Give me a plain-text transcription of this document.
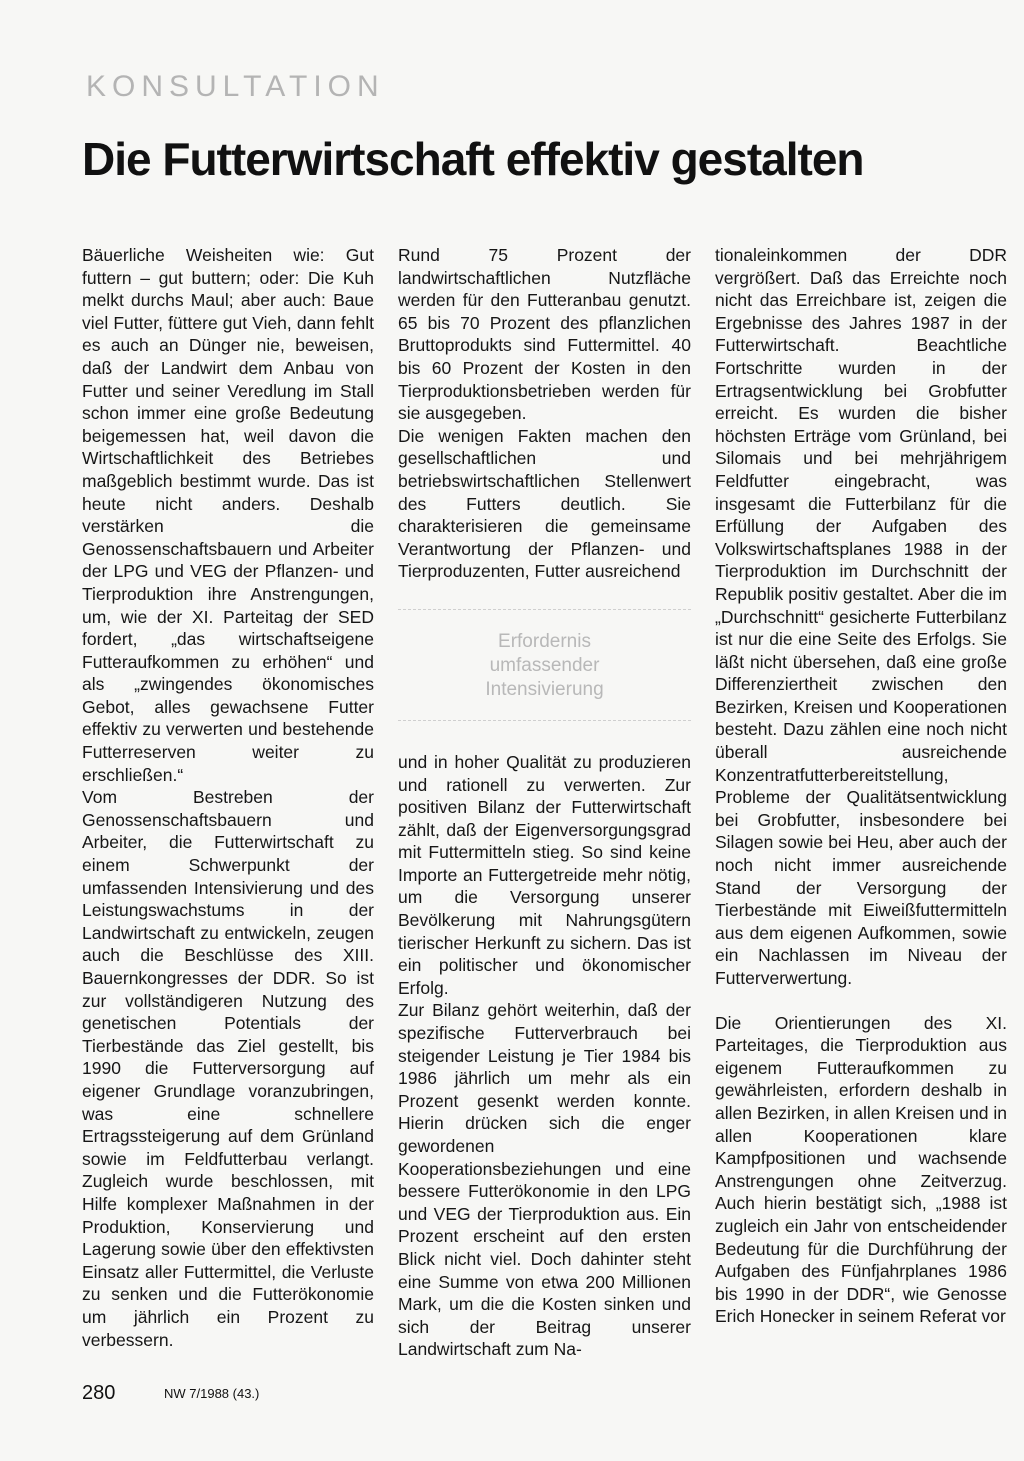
KONSULTATION
Die Futterwirtschaft effektiv gestalten

Bäuerliche Weisheiten wie: Gut futtern – gut buttern; oder: Die Kuh melkt durchs Maul; aber auch: Baue viel Futter, füttere gut Vieh, dann fehlt es auch an Dünger nie, beweisen, daß der Landwirt dem Anbau von Futter und seiner Veredlung im Stall schon immer eine große Bedeutung beigemessen hat, weil davon die Wirtschaftlichkeit des Betriebes maßgeblich bestimmt wurde. Das ist heute nicht anders. Deshalb verstärken die Genossenschaftsbauern und Arbeiter der LPG und VEG der Pflanzen- und Tierproduktion ihre Anstrengungen, um, wie der XI. Parteitag der SED fordert, „das wirtschaftseigene Futteraufkommen zu erhöhen“ und als „zwingendes ökonomisches Gebot, alles gewachsene Futter effektiv zu verwerten und bestehende Futterreserven weiter zu erschließen.“

Vom Bestreben der Genossenschaftsbauern und Arbeiter, die Futterwirtschaft zu einem Schwerpunkt der umfassenden Intensivierung und des Leistungswachstums in der Landwirtschaft zu entwickeln, zeugen auch die Beschlüsse des XIII. Bauernkongresses der DDR. So ist zur vollständigeren Nutzung des genetischen Potentials der Tierbestände das Ziel gestellt, bis 1990 die Futterversorgung auf eigener Grundlage voranzubringen, was eine schnellere Ertragssteigerung auf dem Grünland sowie im Feldfutterbau verlangt. Zugleich wurde beschlossen, mit Hilfe komplexer Maßnahmen in der Produktion, Konservierung und Lagerung sowie über den effektivsten Einsatz aller Futtermittel, die Verluste zu senken und die Futterökonomie um jährlich ein Prozent zu verbessern.

Rund 75 Prozent der landwirtschaftlichen Nutzfläche werden für den Futteranbau genutzt. 65 bis 70 Prozent des pflanzlichen Bruttoprodukts sind Futtermittel. 40 bis 60 Prozent der Kosten in den Tierproduktionsbetrieben werden für sie ausgegeben.

Die wenigen Fakten machen den gesellschaftlichen und betriebswirtschaftlichen Stellenwert des Futters deutlich. Sie charakterisieren die gemeinsame Verantwortung der Pflanzen- und Tierproduzenten, Futter ausreichend

Erfordernis
umfassender
Intensivierung

und in hoher Qualität zu produzieren und rationell zu verwerten. Zur positiven Bilanz der Futterwirtschaft zählt, daß der Eigenversorgungsgrad mit Futtermitteln stieg. So sind keine Importe an Futtergetreide mehr nötig, um die Versorgung unserer Bevölkerung mit Nahrungsgütern tierischer Herkunft zu sichern. Das ist ein politischer und ökonomischer Erfolg.

Zur Bilanz gehört weiterhin, daß der spezifische Futterverbrauch bei steigender Leistung je Tier 1984 bis 1986 jährlich um mehr als ein Prozent gesenkt werden konnte. Hierin drücken sich die enger gewordenen Kooperationsbeziehungen und eine bessere Futterökonomie in den LPG und VEG der Tierproduktion aus. Ein Prozent erscheint auf den ersten Blick nicht viel. Doch dahinter steht eine Summe von etwa 200 Millionen Mark, um die die Kosten sinken und sich der Beitrag unserer Landwirtschaft zum Na-

tionaleinkommen der DDR vergrößert. Daß das Erreichte noch nicht das Erreichbare ist, zeigen die Ergebnisse des Jahres 1987 in der Futterwirtschaft. Beachtliche Fortschritte wurden in der Ertragsentwicklung bei Grobfutter erreicht. Es wurden die bisher höchsten Erträge vom Grünland, bei Silomais und bei mehrjährigem Feldfutter eingebracht, was insgesamt die Futterbilanz für die Erfüllung der Aufgaben des Volkswirtschaftsplanes 1988 in der Tierproduktion im Durchschnitt der Republik positiv gestaltet. Aber die im „Durchschnitt“ gesicherte Futterbilanz ist nur die eine Seite des Erfolgs. Sie läßt nicht übersehen, daß eine große Differenziertheit zwischen den Bezirken, Kreisen und Kooperationen besteht. Dazu zählen eine noch nicht überall ausreichende Konzentratfutterbereitstellung, Probleme der Qualitätsentwicklung bei Grobfutter, insbesondere bei Silagen sowie bei Heu, aber auch der noch nicht immer ausreichende Stand der Versorgung der Tierbestände mit Eiweißfuttermitteln aus dem eigenen Aufkommen, sowie ein Nachlassen im Niveau der Futterverwertung.

Die Orientierungen des XI. Parteitages, die Tierproduktion aus eigenem Futteraufkommen zu gewährleisten, erfordern deshalb in allen Bezirken, in allen Kreisen und in allen Kooperationen klare Kampfpositionen und wachsende Anstrengungen ohne Zeitverzug. Auch hierin bestätigt sich, „1988 ist zugleich ein Jahr von entscheidender Bedeutung für die Durchführung der Aufgaben des Fünfjahrplanes 1986 bis 1990 in der DDR“, wie Genosse Erich Honecker in seinem Referat vor

280	NW 7/1988 (43.)
